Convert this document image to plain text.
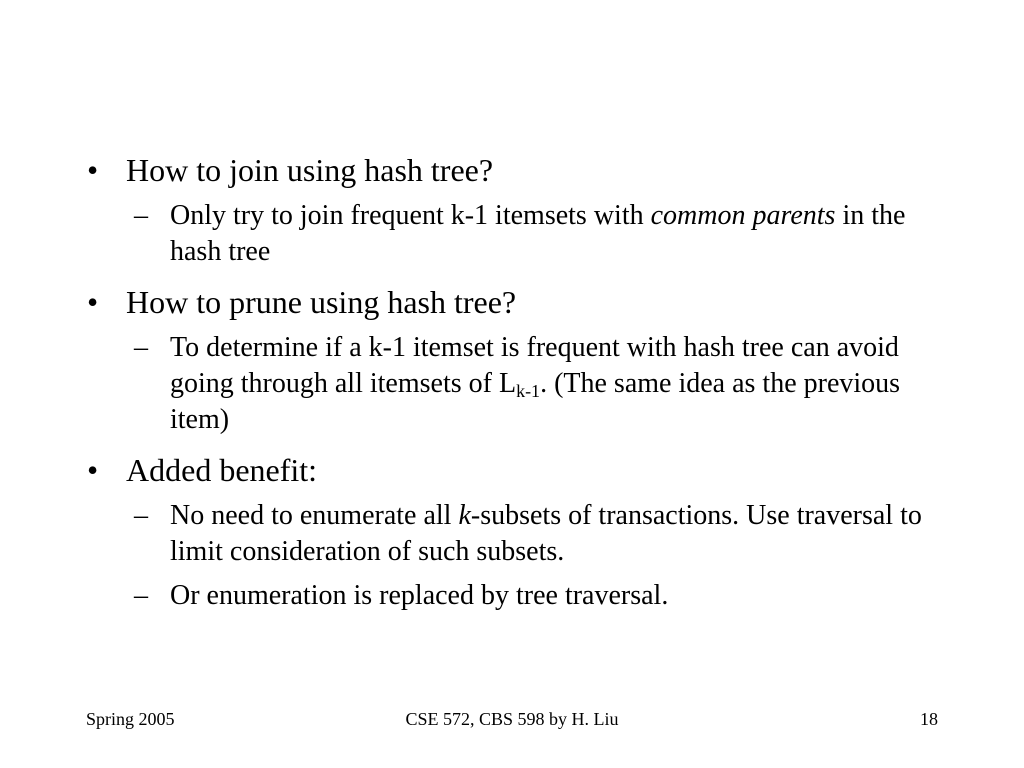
• How to join using hash tree?

– Only try to join frequent k-1 itemsets with common parents in the hash tree

• How to prune using hash tree?

– To determine if a k-1 itemset is frequent with hash tree can avoid going through all itemsets of $L_{k-1}$. (The same idea as the previous item)

• Added benefit:

– No need to enumerate all k-subsets of transactions. Use traversal to limit consideration of such subsets.

– Or enumeration is replaced by tree traversal.

Spring 2005	CSE 572, CBS 598 by H. Liu	18
